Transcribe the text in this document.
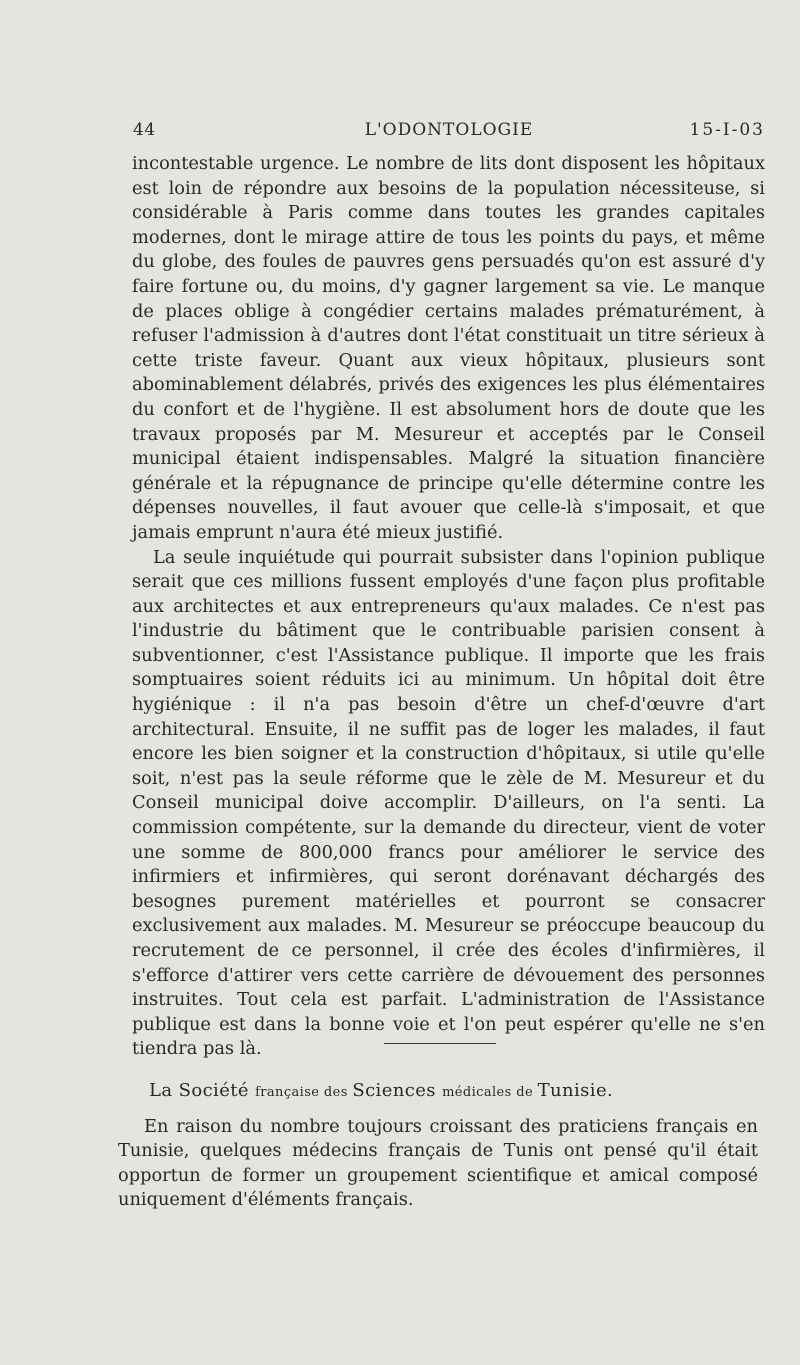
44	L'ODONTOLOGIE	15-I-03

incontestable urgence. Le nombre de lits dont disposent les hôpitaux est loin de répondre aux besoins de la population nécessiteuse, si considérable à Paris comme dans toutes les grandes capitales modernes, dont le mirage attire de tous les points du pays, et même du globe, des foules de pauvres gens persuadés qu'on est assuré d'y faire fortune ou, du moins, d'y gagner largement sa vie. Le manque de places oblige à congédier certains malades prématurément, à refuser l'admission à d'autres dont l'état constituait un titre sérieux à cette triste faveur. Quant aux vieux hôpitaux, plusieurs sont abominablement délabrés, privés des exigences les plus élémentaires du confort et de l'hygiène. Il est absolument hors de doute que les travaux proposés par M. Mesureur et acceptés par le Conseil municipal étaient indispensables. Malgré la situation financière générale et la répugnance de principe qu'elle détermine contre les dépenses nouvelles, il faut avouer que celle-là s'imposait, et que jamais emprunt n'aura été mieux justifié.

La seule inquiétude qui pourrait subsister dans l'opinion publique serait que ces millions fussent employés d'une façon plus profitable aux architectes et aux entrepreneurs qu'aux malades. Ce n'est pas l'industrie du bâtiment que le contribuable parisien consent à subventionner, c'est l'Assistance publique. Il importe que les frais somptuaires soient réduits ici au minimum. Un hôpital doit être hygiénique : il n'a pas besoin d'être un chef-d'œuvre d'art architectural. Ensuite, il ne suffit pas de loger les malades, il faut encore les bien soigner et la construction d'hôpitaux, si utile qu'elle soit, n'est pas la seule réforme que le zèle de M. Mesureur et du Conseil municipal doive accomplir. D'ailleurs, on l'a senti. La commission compétente, sur la demande du directeur, vient de voter une somme de 800,000 francs pour améliorer le service des infirmiers et infirmières, qui seront dorénavant déchargés des besognes purement matérielles et pourront se consacrer exclusivement aux malades. M. Mesureur se préoccupe beaucoup du recrutement de ce personnel, il crée des écoles d'infirmières, il s'efforce d'attirer vers cette carrière de dévouement des personnes instruites. Tout cela est parfait. L'administration de l'Assistance publique est dans la bonne voie et l'on peut espérer qu'elle ne s'en tiendra pas là.

La Société française des Sciences médicales de Tunisie.

En raison du nombre toujours croissant des praticiens français en Tunisie, quelques médecins français de Tunis ont pensé qu'il était opportun de former un groupement scientifique et amical composé uniquement d'éléments français.
